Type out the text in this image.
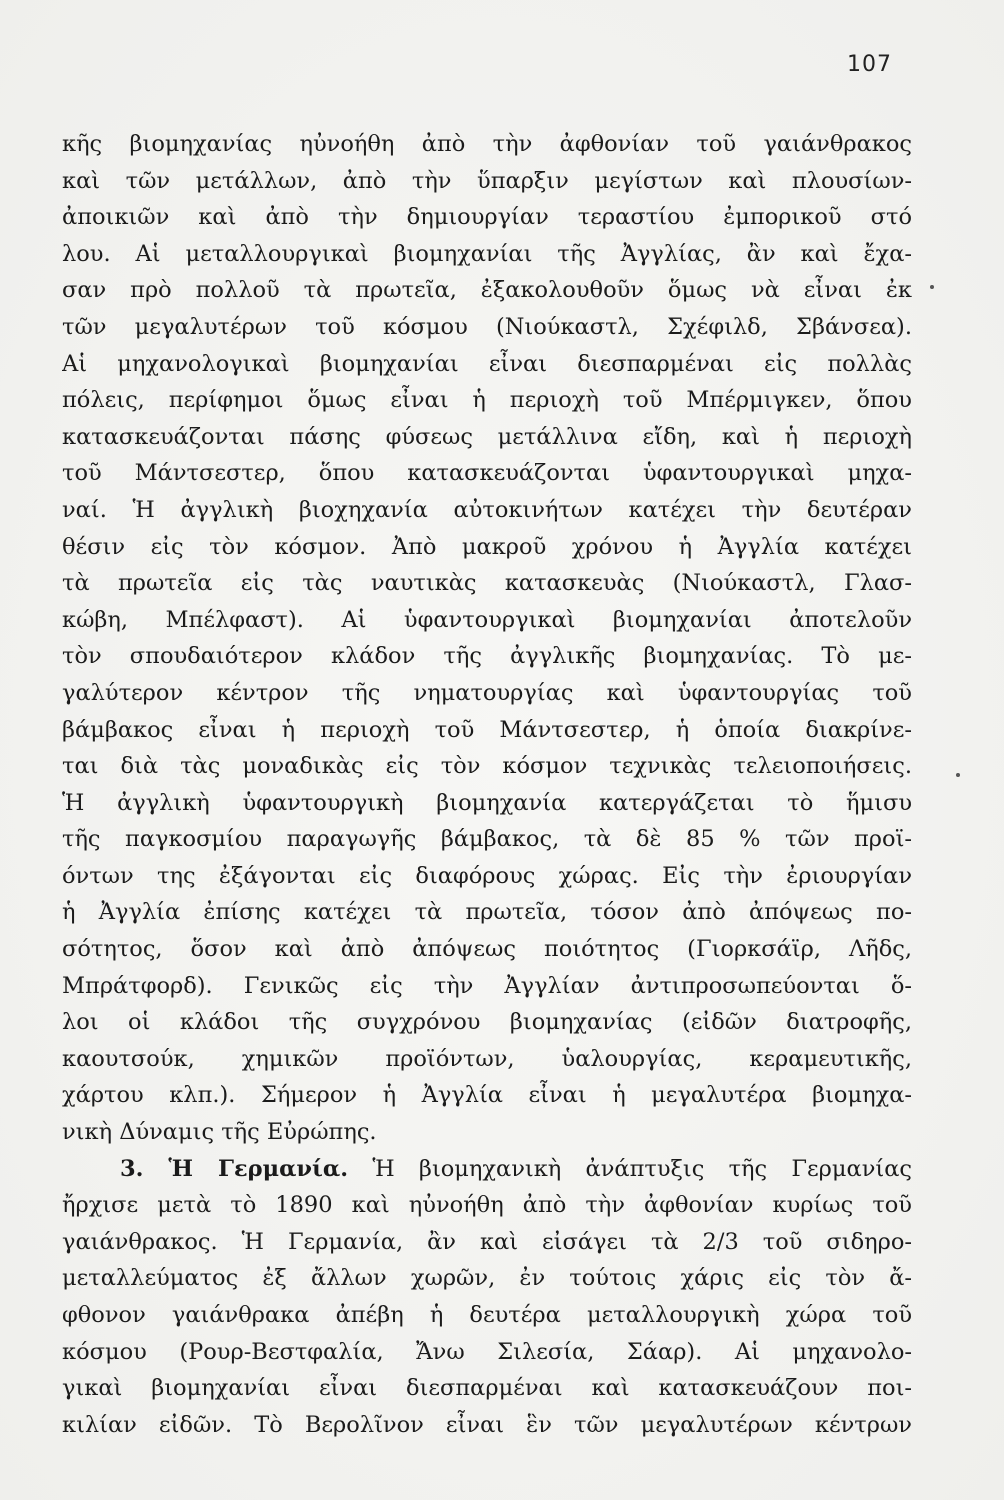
107
κῆς βιομηχανίας ηὐνοήθη ἀπὸ τὴν ἀφθονίαν τοῦ γαιάνθρακος
καὶ τῶν μετάλλων, ἀπὸ τὴν ὕπαρξιν μεγίστων καὶ πλουσίων-
ἀποικιῶν καὶ ἀπὸ τὴν δημιουργίαν τεραστίου ἐμπορικοῦ στό
λου. Αἱ μεταλλουργικαὶ βιομηχανίαι τῆς Ἀγγλίας, ἂν καὶ ἔχα-
σαν πρὸ πολλοῦ τὰ πρωτεῖα, ἐξακολουθοῦν ὅμως νὰ εἶναι ἐκ
τῶν μεγαλυτέρων τοῦ κόσμου (Νιούκαστλ, Σχέφιλδ, Σβάνσεα).
Αἱ μηχανολογικαὶ βιομηχανίαι εἶναι διεσπαρμέναι εἰς πολλὰς
πόλεις, περίφημοι ὅμως εἶναι ἡ περιοχὴ τοῦ Μπέρμιγκεν, ὅπου
κατασκευάζονται πάσης φύσεως μετάλλινα εἴδη, καὶ ἡ περιοχὴ
τοῦ Μάντσεστερ, ὅπου κατασκευάζονται ὑφαντουργικαὶ μηχα-
ναί. Ἡ ἀγγλικὴ βιοχηχανία αὐτοκινήτων κατέχει τὴν δευτέραν
θέσιν εἰς τὸν κόσμον. Ἀπὸ μακροῦ χρόνου ἡ Ἀγγλία κατέχει
τὰ πρωτεῖα εἰς τὰς ναυτικὰς κατασκευὰς (Νιούκαστλ, Γλασ-
κώβη, Μπέλφαστ). Αἱ ὑφαντουργικαὶ βιομηχανίαι ἀποτελοῦν
τὸν σπουδαιότερον κλάδον τῆς ἀγγλικῆς βιομηχανίας. Τὸ με-
γαλύτερον κέντρον τῆς νηματουργίας καὶ ὑφαντουργίας τοῦ
βάμβακος εἶναι ἡ περιοχὴ τοῦ Μάντσεστερ, ἡ ὁποία διακρίνε-
ται διὰ τὰς μοναδικὰς εἰς τὸν κόσμον τεχνικὰς τελειοποιήσεις.
Ἡ ἀγγλικὴ ὑφαντουργικὴ βιομηχανία κατεργάζεται τὸ ἥμισυ
τῆς παγκοσμίου παραγωγῆς βάμβακος, τὰ δὲ 85 % τῶν προϊ-
όντων της ἐξάγονται εἰς διαφόρους χώρας. Εἰς τὴν ἐριουργίαν
ἡ Ἀγγλία ἐπίσης κατέχει τὰ πρωτεῖα, τόσον ἀπὸ ἀπόψεως πο-
σότητος, ὅσον καὶ ἀπὸ ἀπόψεως ποιότητος (Γιορκσάϊρ, Λῆδς,
Μπράτφορδ). Γενικῶς εἰς τὴν Ἀγγλίαν ἀντιπροσωπεύονται ὅ-
λοι οἱ κλάδοι τῆς συγχρόνου βιομηχανίας (εἰδῶν διατροφῆς,
καουτσούκ, χημικῶν προϊόντων, ὑαλουργίας, κεραμευτικῆς,
χάρτου κλπ.). Σήμερον ἡ Ἀγγλία εἶναι ἡ μεγαλυτέρα βιομηχα-
νικὴ Δύναμις τῆς Εὐρώπης.
3. Ἡ Γερμανία. Ἡ βιομηχανικὴ ἀνάπτυξις τῆς Γερμανίας
ἤρχισε μετὰ τὸ 1890 καὶ ηὐνοήθη ἀπὸ τὴν ἀφθονίαν κυρίως τοῦ
γαιάνθρακος. Ἡ Γερμανία, ἂν καὶ εἰσάγει τὰ 2/3 τοῦ σιδηρο-
μεταλλεύματος ἐξ ἄλλων χωρῶν, ἐν τούτοις χάρις εἰς τὸν ἄ-
φθονον γαιάνθρακα ἀπέβη ἡ δευτέρα μεταλλουργικὴ χώρα τοῦ
κόσμου (Ρουρ-Βεστφαλία, Ἄνω Σιλεσία, Σάαρ). Αἱ μηχανολο-
γικαὶ βιομηχανίαι εἶναι διεσπαρμέναι καὶ κατασκευάζουν ποι-
κιλίαν εἰδῶν. Τὸ Βερολῖνον εἶναι ἓν τῶν μεγαλυτέρων κέντρων
